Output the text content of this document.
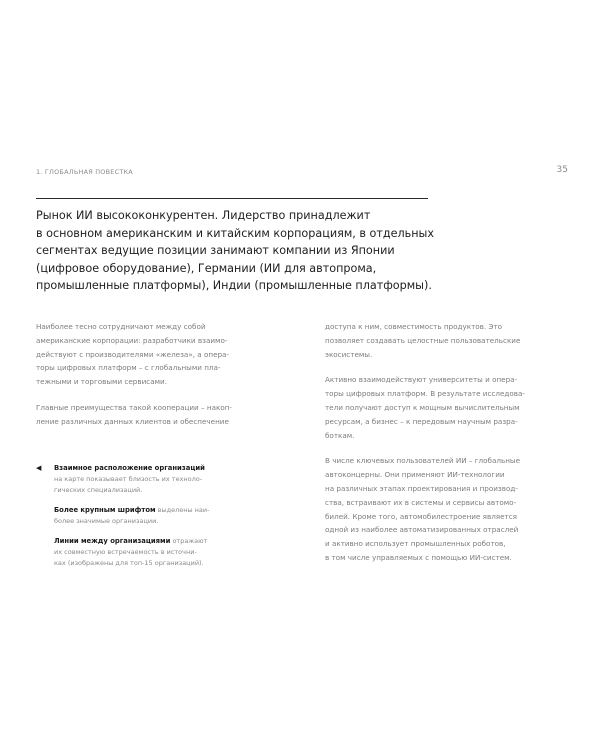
1. ГЛОБАЛЬНАЯ ПОВЕСТКА	35

Рынок ИИ высококонкурентен. Лидерство принадлежит
в основном американским и китайским корпорациям, в отдельных
сегментах ведущие позиции занимают компании из Японии
(цифровое оборудование), Германии (ИИ для автопрома,
промышленные платформы), Индии (промышленные платформы).

Наиболее тесно сотрудничают между собой
американские корпорации: разработчики взаимо-
действуют с производителями «железа», а опера-
торы цифровых платформ – с глобальными пла-
тежными и торговыми сервисами.

Главные преимущества такой кооперации – накоп-
ление различных данных клиентов и обеспечение

◀ Взаимное расположение организаций
на карте показывает близость их техноло-
гических специализаций.
Более крупным шрифтом выделены наи-
более значимые организации.
Линии между организациями отражают
их совместную встречаемость в источни-
ках (изображены для топ-15 организаций).

доступа к ним, совместимость продуктов. Это
позволяет создавать целостные пользовательские
экосистемы.

Активно взаимодействуют университеты и опера-
торы цифровых платформ. В результате исследова-
тели получают доступ к мощным вычислительным
ресурсам, а бизнес – к передовым научным разра-
боткам.

В числе ключевых пользователей ИИ – глобальные
автоконцерны. Они применяют ИИ-технологии
на различных этапах проектирования и производ-
ства, встраивают их в системы и сервисы автомо-
билей. Кроме того, автомобилестроение является
одной из наиболее автоматизированных отраслей
и активно использует промышленных роботов,
в том числе управляемых с помощью ИИ-систем.
